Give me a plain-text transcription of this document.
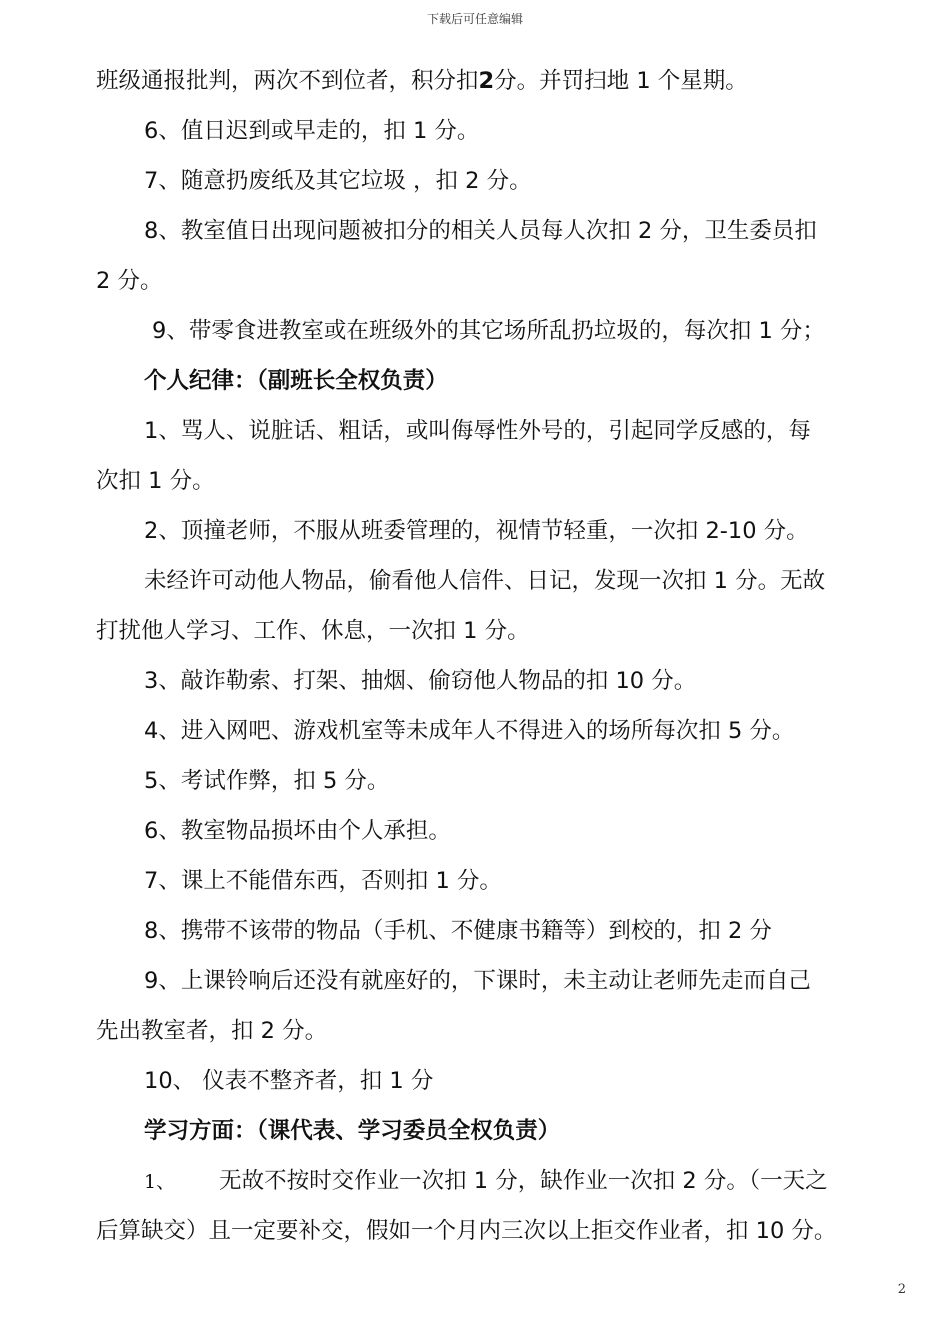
下载后可任意编辑
班级通报批判，两次不到位者，积分扣2分。并罚扫地 1 个星期。
6、值日迟到或早走的，扣 1 分。
7、随意扔废纸及其它垃圾 ，扣 2 分。
8、教室值日出现问题被扣分的相关人员每人次扣 2 分，卫生委员扣
2 分。
9、带零食进教室或在班级外的其它场所乱扔垃圾的，每次扣 1 分；
个人纪律：（副班长全权负责）
1、骂人、说脏话、粗话，或叫侮辱性外号的，引起同学反感的，每
次扣 1 分。
2、顶撞老师，不服从班委管理的，视情节轻重，一次扣 2-10 分。
未经许可动他人物品，偷看他人信件、日记，发现一次扣 1 分。无故
打扰他人学习、工作、休息，一次扣 1 分。
3、敲诈勒索、打架、抽烟、偷窃他人物品的扣 10 分。
4、进入网吧、游戏机室等未成年人不得进入的场所每次扣 5 分。
5、考试作弊，扣 5 分。
6、教室物品损坏由个人承担。
7、课上不能借东西，否则扣 1 分。
8、携带不该带的物品（手机、不健康书籍等）到校的，扣 2 分
9、上课铃响后还没有就座好的，下课时，未主动让老师先走而自己
先出教室者，扣 2 分。
10、 仪表不整齐者，扣 1 分
学习方面：（课代表、学习委员全权负责）
1、 无故不按时交作业一次扣 1 分，缺作业一次扣 2 分。（一天之
后算缺交）且一定要补交，假如一个月内三次以上拒交作业者，扣 10 分。
2
